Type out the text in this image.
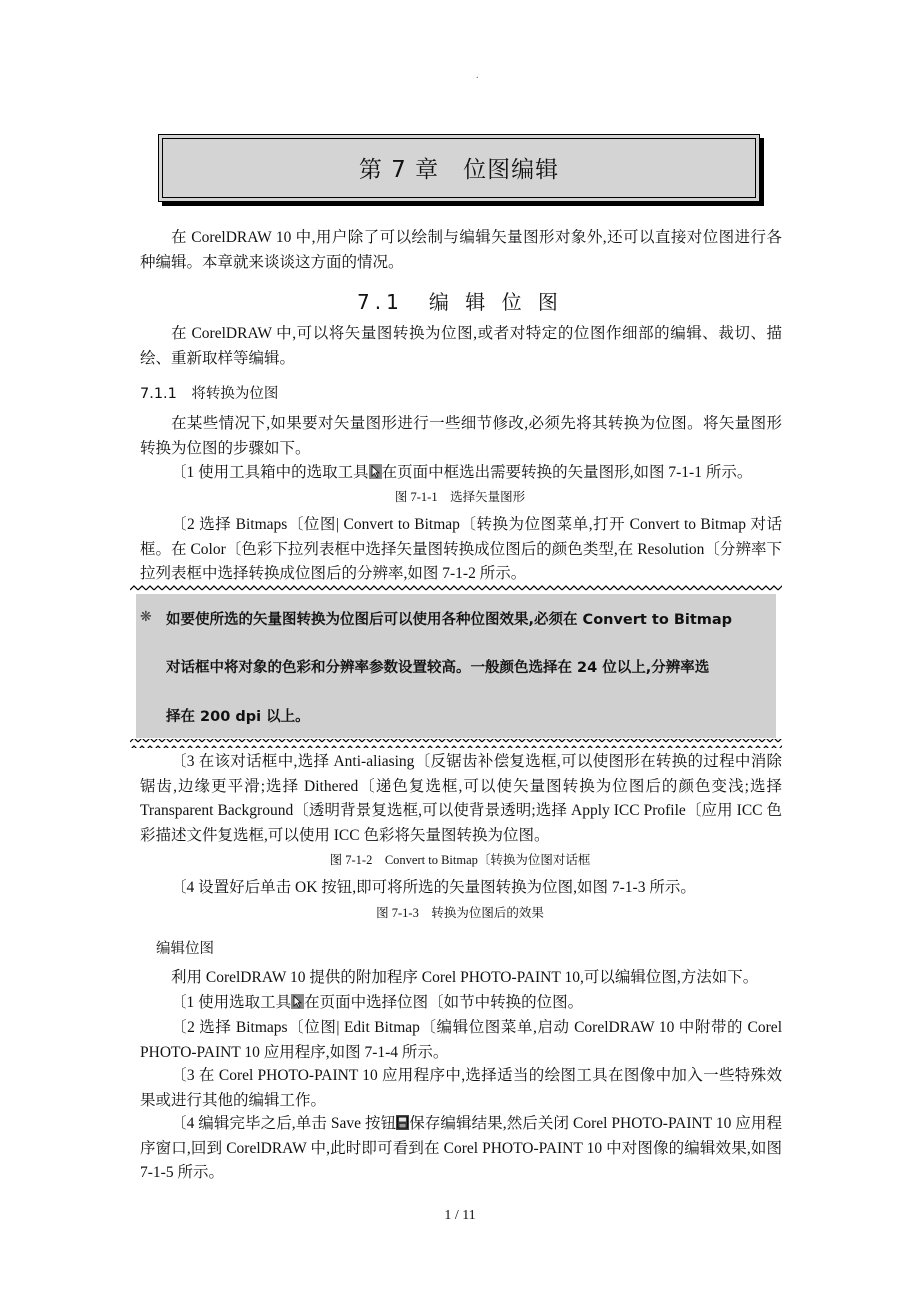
.
第 7 章　位图编辑

在 CorelDRAW 10 中,用户除了可以绘制与编辑矢量图形对象外,还可以直接对位图进行各种编辑。本章就来谈谈这方面的情况。

7.1　编 辑 位 图

在 CorelDRAW 中,可以将矢量图转换为位图,或者对特定的位图作细部的编辑、裁切、描绘、重新取样等编辑。

7.1.1　将转换为位图

在某些情况下,如果要对矢量图形进行一些细节修改,必须先将其转换为位图。将矢量图形转换为位图的步骤如下。

〔1 使用工具箱中的选取工具 在页面中框选出需要转换的矢量图形,如图 7-1-1 所示。

图 7-1-1　选择矢量图形

〔2 选择 Bitmaps〔位图| Convert to Bitmap〔转换为位图菜单,打开 Convert to Bitmap 对话框。在 Color〔色彩下拉列表框中选择矢量图转换成位图后的颜色类型,在 Resolution〔分辨率下拉列表框中选择转换成位图后的分辨率,如图 7-1-2 所示。

❋ 如要使所选的矢量图转换为位图后可以使用各种位图效果,必须在 Convert to Bitmap
对话框中将对象的色彩和分辨率参数设置较高。一般颜色选择在 24 位以上,分辨率选
择在 200 dpi 以上。

〔3 在该对话框中,选择 Anti-aliasing〔反锯齿补偿复选框,可以使图形在转换的过程中消除锯齿,边缘更平滑;选择 Dithered〔递色复选框,可以使矢量图转换为位图后的颜色变浅;选择 Transparent Background〔透明背景复选框,可以使背景透明;选择 Apply ICC Profile〔应用 ICC 色彩描述文件复选框,可以使用 ICC 色彩将矢量图转换为位图。

图 7-1-2　Convert to Bitmap〔转换为位图对话框

〔4 设置好后单击 OK 按钮,即可将所选的矢量图转换为位图,如图 7-1-3 所示。

图 7-1-3　转换为位图后的效果
编辑位图

利用 CorelDRAW 10 提供的附加程序 Corel PHOTO-PAINT 10,可以编辑位图,方法如下。

〔1 使用选取工具 在页面中选择位图〔如节中转换的位图。

〔2 选择 Bitmaps〔位图| Edit Bitmap〔编辑位图菜单,启动 CorelDRAW 10 中附带的 Corel PHOTO-PAINT 10 应用程序,如图 7-1-4 所示。

〔3 在 Corel PHOTO-PAINT 10 应用程序中,选择适当的绘图工具在图像中加入一些特殊效果或进行其他的编辑工作。

〔4 编辑完毕之后,单击 Save 按钮 保存编辑结果,然后关闭 Corel PHOTO-PAINT 10 应用程序窗口,回到 CorelDRAW 中,此时即可看到在 Corel PHOTO-PAINT 10 中对图像的编辑效果,如图 7-1-5 所示。

1 / 11
